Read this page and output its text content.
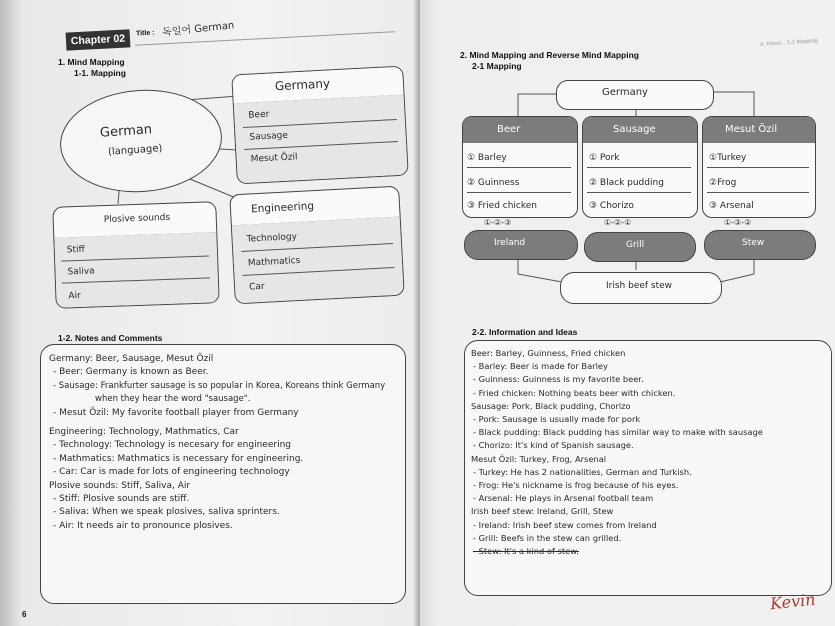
Chapter 02	Title : 독일어 German
1. Mind Mapping
1-1. Mapping
German
(language)
Germany
Beer
Sausage
Mesut Özil
Plosive sounds
Stiff
Saliva
Air
Engineering
Technology
Mathmatics
Car
1-2. Notes and Comments
Germany: Beer, Sausage, Mesut Özil
- Beer: Germany is known as Beer.
- Sausage: Frankfurter sausage is so popular in Korea, Koreans think Germany
when they hear the word "sausage".
- Mesut Özil: My favorite football player from Germany
Engineering: Technology, Mathmatics, Car
- Technology: Technology is necesary for engineering
- Mathmatics: Mathmatics is necessary for engineering.
- Car: Car is made for lots of engineering technology
Plosive sounds: Stiff, Saliva, Air
- Stiff: Plosive sounds are stiff.
- Saliva: When we speak plosives, saliva sprinters.
- Air: It needs air to pronounce plosives.
6
A. Rever... 1-1 Mapping
2. Mind Mapping and Reverse Mind Mapping
2-1 Mapping
Germany
Beer
① Barley
② Guinness
③ Fried chicken
Sausage
① Pork
② Black pudding
③ Chorizo
Mesut Özil
①Turkey
②Frog
③ Arsenal
①-②-③	①-②-①	①-③-②
Ireland	Grill	Stew
Irish beef stew
2-2. Information and Ideas
Beer: Barley, Guinness, Fried chicken
- Barley: Beer is made for Barley
- Guinness: Guinness is my favorite beer.
- Fried chicken: Nothing beats beer with chicken.
Sausage: Pork, Black pudding, Chorizo
- Pork: Sausage is usually made for pork
- Black pudding: Black pudding has similar way to make with sausage
- Chorizo: It's kind of Spanish sausage.
Mesut Özil: Turkey, Frog, Arsenal
- Turkey: He has 2 nationalities, German and Turkish.
- Frog: He's nickname is frog because of his eyes.
- Arsenal: He plays in Arsenal football team
Irish beef stew: Ireland, Grill, Stew
- Ireland: Irish beef stew comes from Ireland
- Grill: Beefs in the stew can grilled.
- Stew: It's a kind of stew.
Kevin
